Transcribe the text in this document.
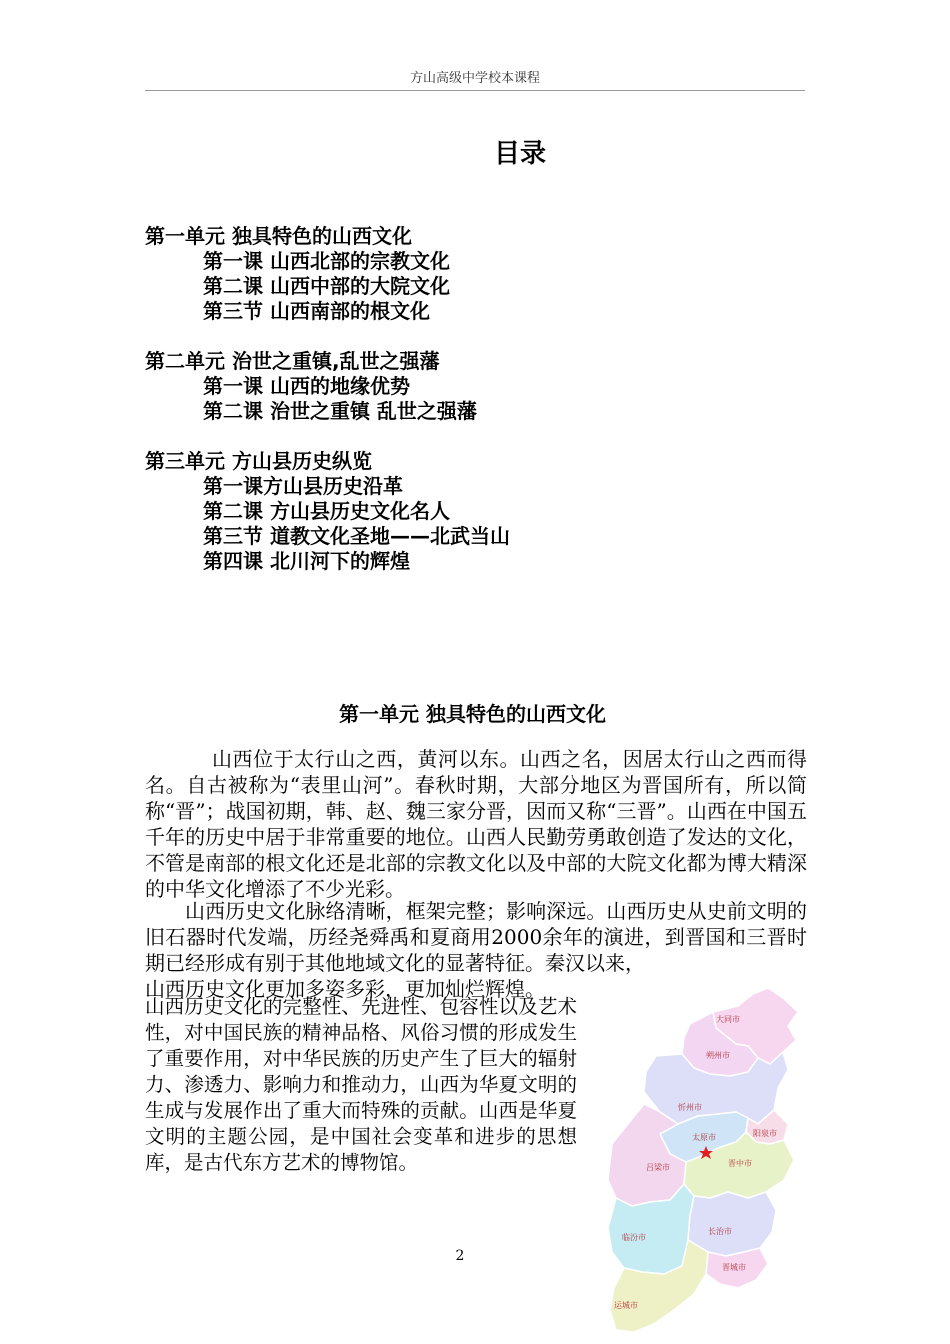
方山高级中学校本课程
目录

第一单元 独具特色的山西文化

第一课 山西北部的宗教文化

第二课 山西中部的大院文化

第三节 山西南部的根文化

第二单元 治世之重镇,乱世之强藩

第一课 山西的地缘优势

第二课 治世之重镇 乱世之强藩

第三单元 方山县历史纵览

第一课方山县历史沿革

第二课 方山县历史文化名人

第三节 道教文化圣地——北武当山

第四课 北川河下的辉煌

第一单元 独具特色的山西文化
山西位于太行山之西，黄河以东。山西之名，因居太行山之西而得名。自古被称为“表里山河”。春秋时期，大部分地区为晋国所有，所以简称“晋”；战国初期，韩、赵、魏三家分晋，因而又称“三晋”。山西在中国五千年的历史中居于非常重要的地位。山西人民勤劳勇敢创造了发达的文化，不管是南部的根文化还是北部的宗教文化以及中部的大院文化都为博大精深的中华文化增添了不少光彩。
山西历史文化脉络清晰，框架完整；影响深远。山西历史从史前文明的旧石器时代发端，历经尧舜禹和夏商用2000余年的演进，到晋国和三晋时期已经形成有别于其他地域文化的显著特征。秦汉以来，
山西历史文化更加多姿多彩，更加灿烂辉煌。
山西历史文化的完整性、先进性、包容性以及艺术性，对中国民族的精神品格、风俗习惯的形成发生了重要作用，对中华民族的历史产生了巨大的辐射力、渗透力、影响力和推动力，山西为华夏文明的生成与发展作出了重大而特殊的贡献。山西是华夏文明的主题公园，是中国社会变革和进步的思想库，是古代东方艺术的博物馆。
大同市
朔州市
忻州市
太原市	阳泉市
吕梁市	晋中市
长治市
临汾市
晋城市
运城市
2
